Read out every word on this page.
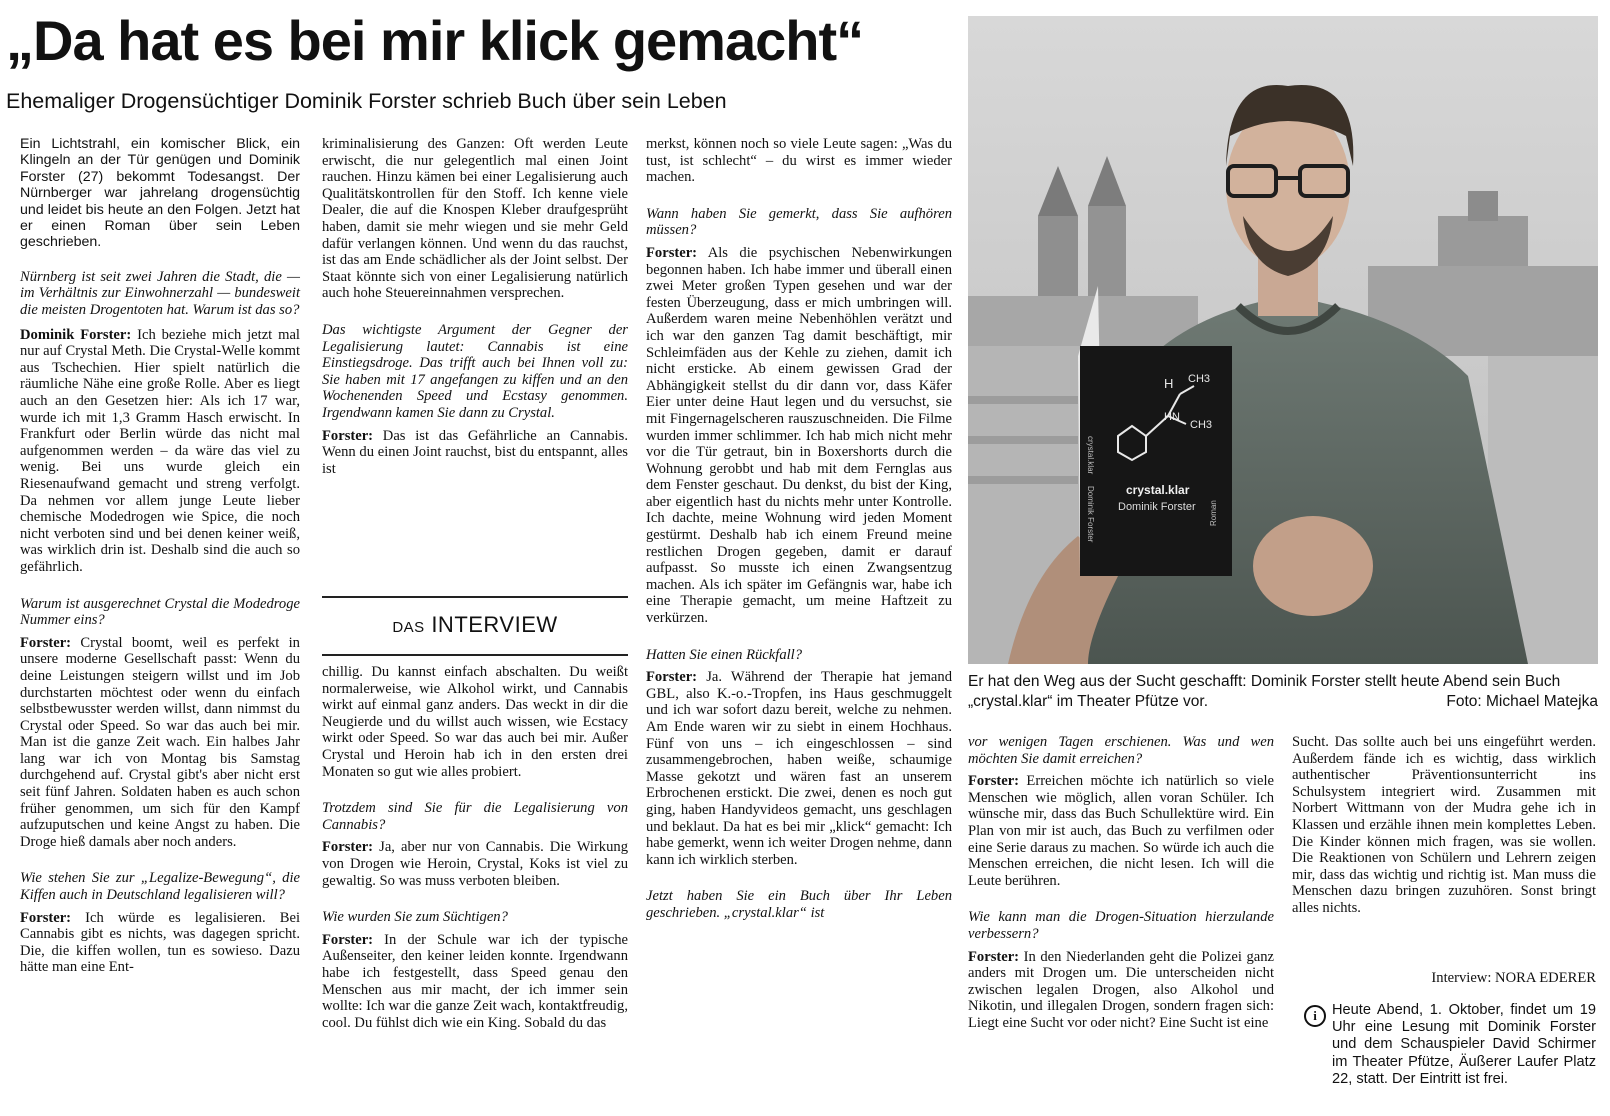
„Da hat es bei mir klick gemacht“
Ehemaliger Drogensüchtiger Dominik Forster schrieb Buch über sein Leben

Ein Lichtstrahl, ein komischer Blick, ein Klingeln an der Tür genügen und Dominik Forster (27) bekommt Todesangst. Der Nürnberger war jahrelang drogensüchtig und leidet bis heute an den Folgen. Jetzt hat er einen Roman über sein Leben geschrieben.

Nürnberg ist seit zwei Jahren die Stadt, die — im Verhältnis zur Einwohnerzahl — bundesweit die meisten Drogentoten hat. Warum ist das so?

Dominik Forster: Ich beziehe mich jetzt mal nur auf Crystal Meth. Die Crystal-Welle kommt aus Tschechien. Hier spielt natürlich die räumliche Nähe eine große Rolle. Aber es liegt auch an den Gesetzen hier: Als ich 17 war, wurde ich mit 1,3 Gramm Hasch erwischt. In Frankfurt oder Berlin würde das nicht mal aufgenommen werden – da wäre das viel zu wenig. Bei uns wurde gleich ein Riesenaufwand gemacht und streng verfolgt. Da nehmen vor allem junge Leute lieber chemische Modedrogen wie Spice, die noch nicht verboten sind und bei denen keiner weiß, was wirklich drin ist. Deshalb sind die auch so gefährlich.

Warum ist ausgerechnet Crystal die Modedroge Nummer eins?

Forster: Crystal boomt, weil es perfekt in unsere moderne Gesellschaft passt: Wenn du deine Leistungen steigern willst und im Job durchstarten möchtest oder wenn du einfach selbstbewusster werden willst, dann nimmst du Crystal oder Speed. So war das auch bei mir. Man ist die ganze Zeit wach. Ein halbes Jahr lang war ich von Montag bis Samstag durchgehend auf. Crystal gibt's aber nicht erst seit fünf Jahren. Soldaten haben es auch schon früher genommen, um sich für den Kampf aufzuputschen und keine Angst zu haben. Die Droge hieß damals aber noch anders.

Wie stehen Sie zur „Legalize-Bewegung“, die Kiffen auch in Deutschland legalisieren will?

Forster: Ich würde es legalisieren. Bei Cannabis gibt es nichts, was dagegen spricht. Die, die kiffen wollen, tun es sowieso. Dazu hätte man eine Ent-

kriminalisierung des Ganzen: Oft werden Leute erwischt, die nur gelegentlich mal einen Joint rauchen. Hinzu kämen bei einer Legalisierung auch Qualitätskontrollen für den Stoff. Ich kenne viele Dealer, die auf die Knospen Kleber draufgesprüht haben, damit sie mehr wiegen und sie mehr Geld dafür verlangen können. Und wenn du das rauchst, ist das am Ende schädlicher als der Joint selbst. Der Staat könnte sich von einer Legalisierung natürlich auch hohe Steuereinnahmen versprechen.

Das wichtigste Argument der Gegner der Legalisierung lautet: Cannabis ist eine Einstiegsdroge. Das trifft auch bei Ihnen voll zu: Sie haben mit 17 angefangen zu kiffen und an den Wochenenden Speed und Ecstasy genommen. Irgendwann kamen Sie dann zu Crystal.

Forster: Das ist das Gefährliche an Cannabis. Wenn du einen Joint rauchst, bist du entspannt, alles ist

DAS INTERVIEW

chillig. Du kannst einfach abschalten. Du weißt normalerweise, wie Alkohol wirkt, und Cannabis wirkt auf einmal ganz anders. Das weckt in dir die Neugierde und du willst auch wissen, wie Ecstacy wirkt oder Speed. So war das auch bei mir. Außer Crystal und Heroin hab ich in den ersten drei Monaten so gut wie alles probiert.

Trotzdem sind Sie für die Legalisierung von Cannabis?

Forster: Ja, aber nur von Cannabis. Die Wirkung von Drogen wie Heroin, Crystal, Koks ist viel zu gewaltig. So was muss verboten bleiben.

Wie wurden Sie zum Süchtigen?

Forster: In der Schule war ich der typische Außenseiter, den keiner leiden konnte. Irgendwann habe ich festgestellt, dass Speed genau den Menschen aus mir macht, der ich immer sein wollte: Ich war die ganze Zeit wach, kontaktfreudig, cool. Du fühlst dich wie ein King. Sobald du das

merkst, können noch so viele Leute sagen: „Was du tust, ist schlecht“ – du wirst es immer wieder machen.

Wann haben Sie gemerkt, dass Sie aufhören müssen?

Forster: Als die psychischen Nebenwirkungen begonnen haben. Ich habe immer und überall einen zwei Meter großen Typen gesehen und war der festen Überzeugung, dass er mich umbringen will. Außerdem waren meine Nebenhöhlen verätzt und ich war den ganzen Tag damit beschäftigt, mir Schleimfäden aus der Kehle zu ziehen, damit ich nicht ersticke. Ab einem gewissen Grad der Abhängigkeit stellst du dir dann vor, dass Käfer Eier unter deine Haut legen und du versuchst, sie mit Fingernagelscheren rauszuschneiden. Die Filme wurden immer schlimmer. Ich hab mich nicht mehr vor die Tür getraut, bin in Boxershorts durch die Wohnung gerobbt und hab mit dem Fernglas aus dem Fenster geschaut. Du denkst, du bist der King, aber eigentlich hast du nichts mehr unter Kontrolle. Ich dachte, meine Wohnung wird jeden Moment gestürmt. Deshalb hab ich einem Freund meine restlichen Drogen gegeben, damit er darauf aufpasst. So musste ich einen Zwangsentzug machen. Als ich später im Gefängnis war, habe ich eine Therapie gemacht, um meine Haftzeit zu verkürzen.

Hatten Sie einen Rückfall?

Forster: Ja. Während der Therapie hat jemand GBL, also K.-o.-Tropfen, ins Haus geschmuggelt und ich war sofort dazu bereit, welche zu nehmen. Am Ende waren wir zu siebt in einem Hochhaus. Fünf von uns – ich eingeschlossen – sind zusammengebrochen, haben weiße, schaumige Masse gekotzt und wären fast an unserem Erbrochenen erstickt. Die zwei, denen es noch gut ging, haben Handyvideos gemacht, uns geschlagen und beklaut. Da hat es bei mir „klick“ gemacht: Ich habe gemerkt, wenn ich weiter Drogen nehme, dann kann ich wirklich sterben.

Jetzt haben Sie ein Buch über Ihr Leben geschrieben. „crystal.klar“ ist

H CH3
HN
CH3
crystal.klar
Dominik Forster Roman
crystal.klar
Dominik Forster
Er hat den Weg aus der Sucht geschafft: Dominik Forster stellt heute Abend sein Buch „crystal.klar“ im Theater Pfütze vor.	Foto: Michael Matejka

vor wenigen Tagen erschienen. Was und wen möchten Sie damit erreichen?

Forster: Erreichen möchte ich natürlich so viele Menschen wie möglich, allen voran Schüler. Ich wünsche mir, dass das Buch Schullektüre wird. Ein Plan von mir ist auch, das Buch zu verfilmen oder eine Serie daraus zu machen. So würde ich auch die Menschen erreichen, die nicht lesen. Ich will die Leute berühren.

Wie kann man die Drogen-Situation hierzulande verbessern?

Forster: In den Niederlanden geht die Polizei ganz anders mit Drogen um. Die unterscheiden nicht zwischen legalen Drogen, also Alkohol und Nikotin, und illegalen Drogen, sondern fragen sich: Liegt eine Sucht vor oder nicht? Eine Sucht ist eine

Sucht. Das sollte auch bei uns eingeführt werden. Außerdem fände ich es wichtig, dass wirklich authentischer Präventionsunterricht ins Schulsystem integriert wird. Zusammen mit Norbert Wittmann von der Mudra gehe ich in Klassen und erzähle ihnen mein komplettes Leben. Die Kinder können mich fragen, was sie wollen. Die Reaktionen von Schülern und Lehrern zeigen mir, dass das wichtig und richtig ist. Man muss die Menschen dazu bringen zuzuhören. Sonst bringt alles nichts.

Interview: NORA EDERER
i	Heute Abend, 1. Oktober, findet um 19 Uhr eine Lesung mit Dominik Forster und dem Schauspieler David Schirmer im Theater Pfütze, Äußerer Laufer Platz 22, statt. Der Eintritt ist frei.
